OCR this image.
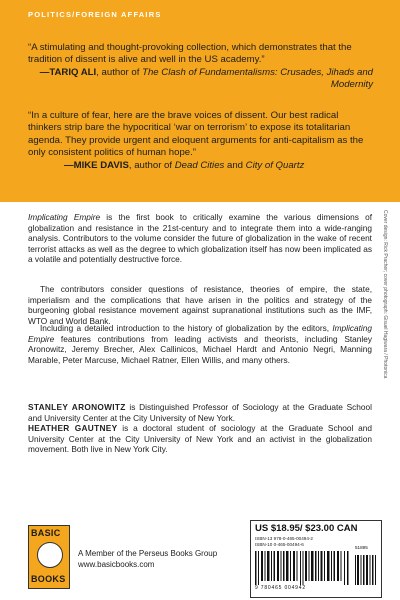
POLITICS/FOREIGN AFFAIRS
“A stimulating and thought-provoking collection, which demonstrates that the tradition of dissent is alive and well in the US academy.”
—TARIQ ALI, author of The Clash of Fundamentalisms: Crusades, Jihads and Modernity
“In a culture of fear, here are the brave voices of dissent. Our best radical thinkers strip bare the hypocritical ‘war on terrorism’ to expose its totalitarian agenda. They provide urgent and eloquent arguments for anti-capitalism as the only consistent politics of human hope.”
—MIKE DAVIS, author of Dead Cities and City of Quartz

Implicating Empire is the first book to critically examine the various dimensions of globalization and resistance in the 21st-century and to integrate them into a wide-ranging analysis. Contributors to the volume consider the future of globalization in the wake of recent terrorist attacks as well as the degree to which globalization itself has now been implicated as a volatile and potentially destructive force.

The contributors consider questions of resistance, theories of empire, the state, imperialism and the complications that have arisen in the politics and strategy of the burgeoning global resistance movement against supranational institutions such as the IMF, WTO and World Bank.

Including a detailed introduction to the history of globalization by the editors, Implicating Empire features contributions from leading activists and theorists, including Stanley Aronowitz, Jeremy Brecher, Alex Callinicos, Michael Hardt and Antonio Negri, Manning Marable, Peter Marcuse, Michael Ratner, Ellen Willis, and many others.

STANLEY ARONOWITZ is Distinguished Professor of Sociology at the Graduate School and University Center at the City University of New York.

HEATHER GAUTNEY is a doctoral student of sociology at the Graduate School and University Center at the City University of New York and an activist in the globalization movement. Both live in New York City.

Cover design: Rick Pracher; cover photograph: Gisuel Hagiwara / Photonica
BASIC
BOOKS
A Member of the Perseus Books Group
www.basicbooks.com
US $18.95/ $23.00 CAN
ISBN-13 978-0-465-00494-2
ISBN-10 0-465-00494-6
51895
9 780465 004942
